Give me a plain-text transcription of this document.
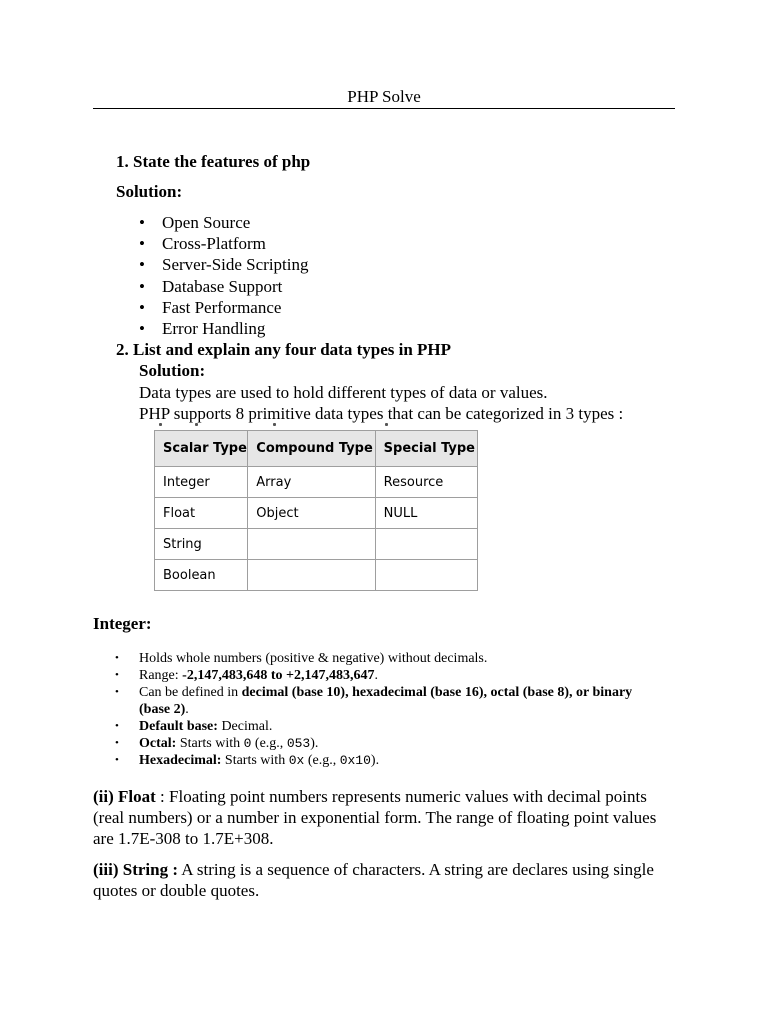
PHP Solve
1. State the features of php
Solution:
• Open Source
• Cross-Platform
• Server-Side Scripting
• Database Support
• Fast Performance
• Error Handling
2. List and explain any four data types in PHP
Solution:
Data types are used to hold different types of data or values.
PHP supports 8 primitive data types that can be categorized in 3 types :
Scalar Type	Compound Type	Special Type
Integer	Array	Resource
Float	Object	NULL
String		
Boolean		
Integer:
• Holds whole numbers (positive & negative) without decimals.
• Range: -2,147,483,648 to +2,147,483,647.
• Can be defined in decimal (base 10), hexadecimal (base 16), octal (base 8), or binary (base 2).
• Default base: Decimal.
• Octal: Starts with 0 (e.g., 053).
• Hexadecimal: Starts with 0x (e.g., 0x10).
(ii) Float : Floating point numbers represents numeric values with decimal points (real numbers) or a number in exponential form. The range of floating point values are 1.7E-308 to 1.7E+308.
(iii) String : A string is a sequence of characters. A string are declares using single quotes or double quotes.
